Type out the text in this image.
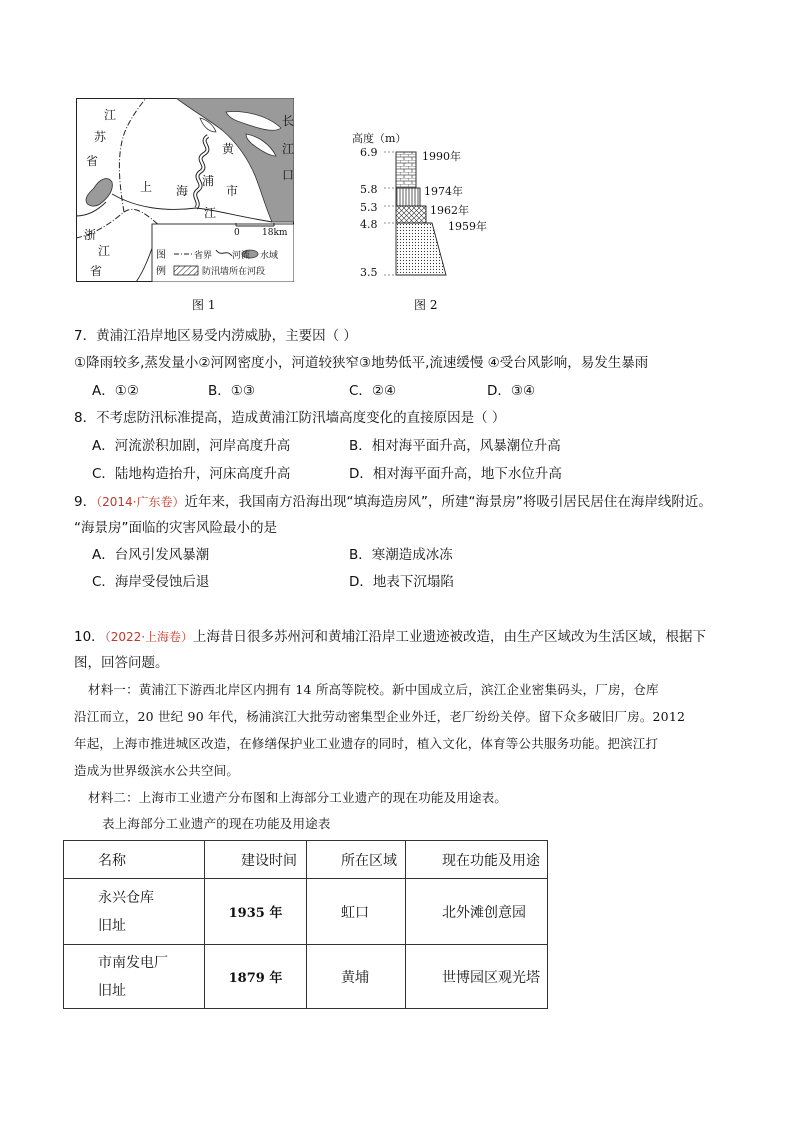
江
苏
省
浙
江
省
上 海	市
黄
浦
江
长
江
口
0 18km
图
例
省界 河流 水域
防汛墙所在河段
图 1
高度（m）
6.9
5.8
5.3
4.8
3.5
1990年
1974年
1962年
1959年
图 2
7．黄浦江沿岸地区易受内涝威胁，主要因（ ）
①降雨较多,蒸发量小②河网密度小，河道较狭窄③地势低平,流速缓慢 ④受台风影响，易发生暴雨
A．①②	B．①③	C．②④	D．③④
8．不考虑防汛标准提高，造成黄浦江防汛墙高度变化的直接原因是（ ）
A．河流淤积加剧，河岸高度升高	B．相对海平面升高，风暴潮位升高
C．陆地构造抬升，河床高度升高	D．相对海平面升高，地下水位升高
9．（2014·广东卷）近年来，我国南方沿海出现“填海造房风”，所建“海景房”将吸引居民居住在海岸线附近。
“海景房”面临的灾害风险最小的是
A．台风引发风暴潮	B．寒潮造成冰冻
C．海岸受侵蚀后退	D．地表下沉塌陷
10．（2022·上海卷）上海昔日很多苏州河和黄埔江沿岸工业遗迹被改造，由生产区域改为生活区域，根据下
图，回答问题。
材料一：黄浦江下游西北岸区内拥有 14 所高等院校。新中国成立后，滨江企业密集码头，厂房，仓库
沿江而立，20 世纪 90 年代，杨浦滨江大批劳动密集型企业外迁，老厂纷纷关停。留下众多破旧厂房。2012
年起，上海市推进城区改造，在修缮保护业工业遗存的同时，植入文化，体育等公共服务功能。把滨江打
造成为世界级滨水公共空间。
材料二：上海市工业遗产分布图和上海部分工业遗产的现在功能及用途表。
表上海部分工业遗产的现在功能及用途表
名称	建设时间	所在区域	现在功能及用途

永兴仓库
旧址	1935 年	虹口	北外滩创意园

市南发电厂
旧址	1879 年	黄埔	世博园区观光塔
